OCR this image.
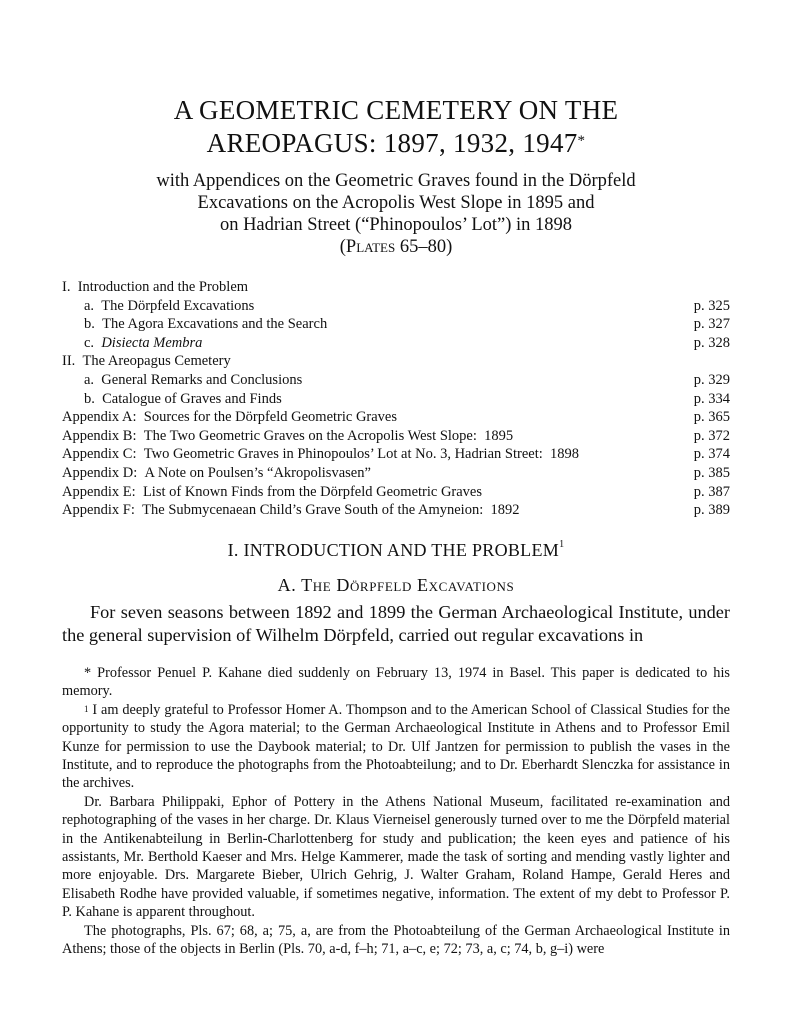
A GEOMETRIC CEMETERY ON THE
AREOPAGUS: 1897, 1932, 1947*
with Appendices on the Geometric Graves found in the Dörpfeld
Excavations on the Acropolis West Slope in 1895 and
on Hadrian Street (“Phinopoulos’ Lot”) in 1898
(Plates 65–80)
I. Introduction and the Problem
a. The Dörpfeld Excavations	p. 325
b. The Agora Excavations and the Search	p. 327
c. Disiecta Membra	p. 328
II. The Areopagus Cemetery
a. General Remarks and Conclusions	p. 329
b. Catalogue of Graves and Finds	p. 334
Appendix A: Sources for the Dörpfeld Geometric Graves	p. 365
Appendix B: The Two Geometric Graves on the Acropolis West Slope: 1895	p. 372
Appendix C: Two Geometric Graves in Phinopoulos’ Lot at No. 3, Hadrian Street: 1898	p. 374
Appendix D: A Note on Poulsen’s “Akropolisvasen”	p. 385
Appendix E: List of Known Finds from the Dörpfeld Geometric Graves	p. 387
Appendix F: The Submycenaean Child’s Grave South of the Amyneion: 1892	p. 389
I. INTRODUCTION AND THE PROBLEM$^1$
A. The Dörpfeld Excavations

For seven seasons between 1892 and 1899 the German Archaeological Institute, under the general supervision of Wilhelm Dörpfeld, carried out regular excavations in

* Professor Penuel P. Kahane died suddenly on February 13, 1974 in Basel. This paper is dedicated to his memory.

$^1$ I am deeply grateful to Professor Homer A. Thompson and to the American School of Classical Studies for the opportunity to study the Agora material; to the German Archaeological Institute in Athens and to Professor Emil Kunze for permission to use the Daybook material; to Dr. Ulf Jantzen for permission to publish the vases in the Institute, and to reproduce the photographs from the Photoabteilung; and to Dr. Eberhardt Slenczka for assistance in the archives.

Dr. Barbara Philippaki, Ephor of Pottery in the Athens National Museum, facilitated re-examination and rephotographing of the vases in her charge. Dr. Klaus Vierneisel generously turned over to me the Dörpfeld material in the Antikenabteilung in Berlin-Charlottenberg for study and publication; the keen eyes and patience of his assistants, Mr. Berthold Kaeser and Mrs. Helge Kammerer, made the task of sorting and mending vastly lighter and more enjoyable. Drs. Margarete Bieber, Ulrich Gehrig, J. Walter Graham, Roland Hampe, Gerald Heres and Elisabeth Rodhe have provided valuable, if sometimes negative, information. The extent of my debt to Professor P. P. Kahane is apparent throughout.

The photographs, Pls. 67; 68, a; 75, a, are from the Photoabteilung of the German Archaeological Institute in Athens; those of the objects in Berlin (Pls. 70, a-d, f–h; 71, a–c, e; 72; 73, a, c; 74, b, g–i) were
